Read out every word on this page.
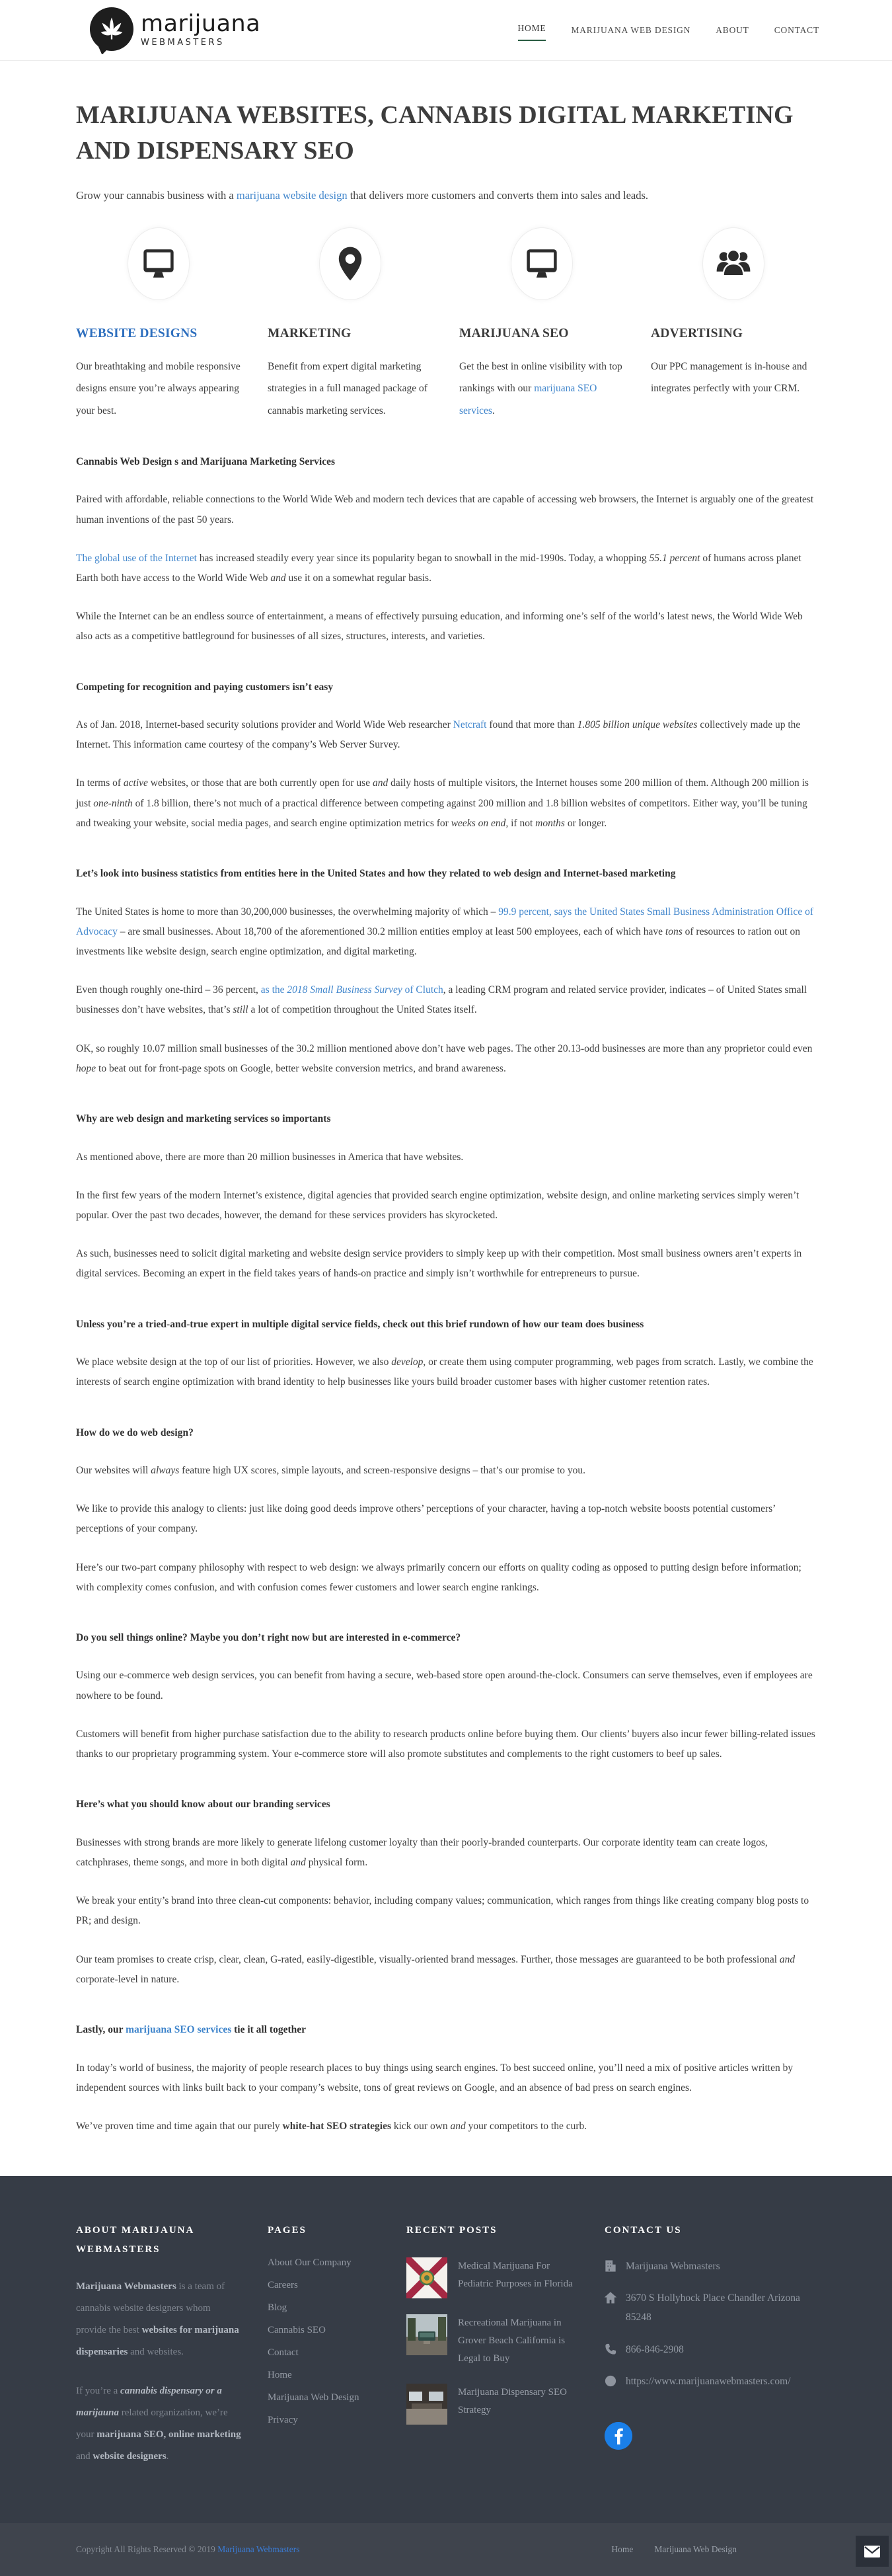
marijuana
WEBMASTERS
HOME	MARIJUANA WEB DESIGN	ABOUT	CONTACT
MARIJUANA WEBSITES, CANNABIS DIGITAL MARKETING AND DISPENSARY SEO

Grow your cannabis business with a marijuana website design that delivers more customers and converts them into sales and leads.

WEBSITE DESIGNS

Our breathtaking and mobile responsive designs ensure you’re always appearing your best.

MARKETING

Benefit from expert digital marketing strategies in a full managed package of cannabis marketing services.

MARIJUANA SEO

Get the best in online visibility with top rankings with our marijuana SEO services.

ADVERTISING

Our PPC management is in-house and integrates perfectly with your CRM.

Cannabis Web Design s and Marijuana Marketing Services

Paired with affordable, reliable connections to the World Wide Web and modern tech devices that are capable of accessing web browsers, the Internet is arguably one of the greatest human inventions of the past 50 years.

The global use of the Internet has increased steadily every year since its popularity began to snowball in the mid-1990s. Today, a whopping 55.1 percent of humans across planet Earth both have access to the World Wide Web and use it on a somewhat regular basis.

While the Internet can be an endless source of entertainment, a means of effectively pursuing education, and informing one’s self of the world’s latest news, the World Wide Web also acts as a competitive battleground for businesses of all sizes, structures, interests, and varieties.

Competing for recognition and paying customers isn’t easy

As of Jan. 2018, Internet-based security solutions provider and World Wide Web researcher Netcraft found that more than 1.805 billion unique websites collectively made up the Internet. This information came courtesy of the company’s Web Server Survey.

In terms of active websites, or those that are both currently open for use and daily hosts of multiple visitors, the Internet houses some 200 million of them. Although 200 million is just one-ninth of 1.8 billion, there’s not much of a practical difference between competing against 200 million and 1.8 billion websites of competitors. Either way, you’ll be tuning and tweaking your website, social media pages, and search engine optimization metrics for weeks on end, if not months or longer.

Let’s look into business statistics from entities here in the United States and how they related to web design and Internet-based marketing

The United States is home to more than 30,200,000 businesses, the overwhelming majority of which – 99.9 percent, says the United States Small Business Administration Office of Advocacy – are small businesses. About 18,700 of the aforementioned 30.2 million entities employ at least 500 employees, each of which have tons of resources to ration out on investments like website design, search engine optimization, and digital marketing.

Even though roughly one-third – 36 percent, as the 2018 Small Business Survey of Clutch, a leading CRM program and related service provider, indicates – of United States small businesses don’t have websites, that’s still a lot of competition throughout the United States itself.

OK, so roughly 10.07 million small businesses of the 30.2 million mentioned above don’t have web pages. The other 20.13-odd businesses are more than any proprietor could even hope to beat out for front-page spots on Google, better website conversion metrics, and brand awareness.

Why are web design and marketing services so importants

As mentioned above, there are more than 20 million businesses in America that have websites.

In the first few years of the modern Internet’s existence, digital agencies that provided search engine optimization, website design, and online marketing services simply weren’t popular. Over the past two decades, however, the demand for these services providers has skyrocketed.

As such, businesses need to solicit digital marketing and website design service providers to simply keep up with their competition. Most small business owners aren’t experts in digital services. Becoming an expert in the field takes years of hands-on practice and simply isn’t worthwhile for entrepreneurs to pursue.

Unless you’re a tried-and-true expert in multiple digital service fields, check out this brief rundown of how our team does business

We place website design at the top of our list of priorities. However, we also develop, or create them using computer programming, web pages from scratch. Lastly, we combine the interests of search engine optimization with brand identity to help businesses like yours build broader customer bases with higher customer retention rates.

How do we do web design?

Our websites will always feature high UX scores, simple layouts, and screen-responsive designs – that’s our promise to you.

We like to provide this analogy to clients: just like doing good deeds improve others’ perceptions of your character, having a top-notch website boosts potential customers’ perceptions of your company.

Here’s our two-part company philosophy with respect to web design: we always primarily concern our efforts on quality coding as opposed to putting design before information; with complexity comes confusion, and with confusion comes fewer customers and lower search engine rankings.

Do you sell things online? Maybe you don’t right now but are interested in e-commerce?

Using our e-commerce web design services, you can benefit from having a secure, web-based store open around-the-clock. Consumers can serve themselves, even if employees are nowhere to be found.

Customers will benefit from higher purchase satisfaction due to the ability to research products online before buying them. Our clients’ buyers also incur fewer billing-related issues thanks to our proprietary programming system. Your e-commerce store will also promote substitutes and complements to the right customers to beef up sales.

Here’s what you should know about our branding services

Businesses with strong brands are more likely to generate lifelong customer loyalty than their poorly-branded counterparts. Our corporate identity team can create logos, catchphrases, theme songs, and more in both digital and physical form.

We break your entity’s brand into three clean-cut components: behavior, including company values; communication, which ranges from things like creating company blog posts to PR; and design.

Our team promises to create crisp, clear, clean, G-rated, easily-digestible, visually-oriented brand messages. Further, those messages are guaranteed to be both professional and corporate-level in nature.

Lastly, our marijuana SEO services tie it all together

In today’s world of business, the majority of people research places to buy things using search engines. To best succeed online, you’ll need a mix of positive articles written by independent sources with links built back to your company’s website, tons of great reviews on Google, and an absence of bad press on search engines.

We’ve proven time and time again that our purely white-hat SEO strategies kick our own and your competitors to the curb.

ABOUT MARIJAUNA WEBMASTERS

Marijuana Webmasters is a team of cannabis website designers whom provide the best websites for marijuana dispensaries and websites.

If you’re a cannabis dispensary or a marijauna related organization, we’re your marijuana SEO, online marketing and website designers.

PAGES
About Our Company
Careers
Blog
Cannabis SEO
Contact
Home
Marijuana Web Design
Privacy
RECENT POSTS
Medical Marijuana For Pediatric Purposes in Florida
Recreational Marijuana in Grover Beach California is Legal to Buy
Marijuana Dispensary SEO Strategy
CONTACT US
Marijuana Webmasters
3670 S Hollyhock Place Chandler Arizona 85248
866-846-2908
https://www.marijuanawebmasters.com/
Copyright All Rights Reserved © 2019 Marijuana Webmasters	Home Marijuana Web Design
